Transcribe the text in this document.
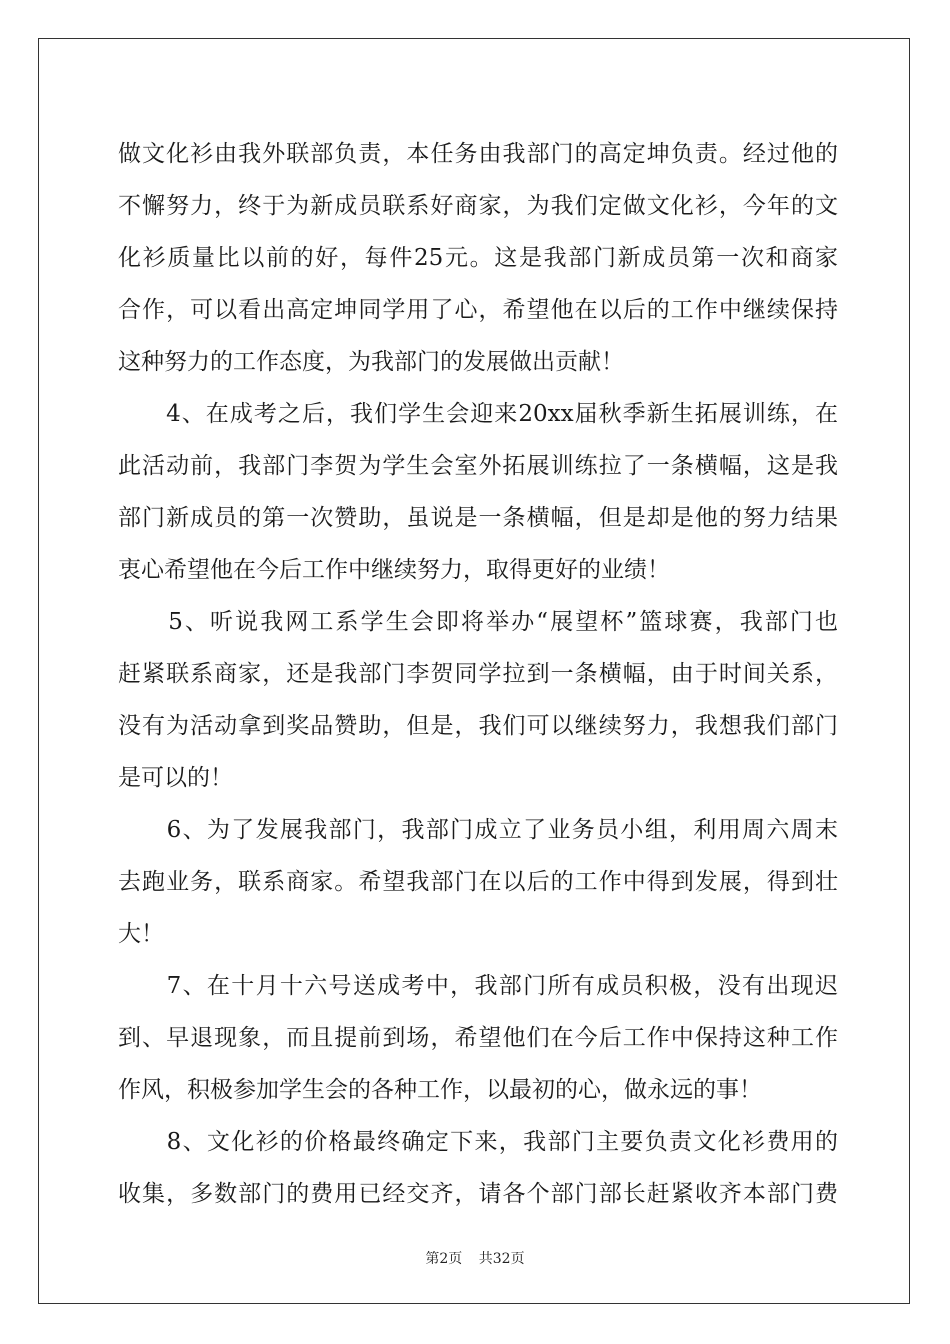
做文化衫由我外联部负责，本任务由我部门的高定坤负责。经过他的
不懈努力，终于为新成员联系好商家，为我们定做文化衫，今年的文
化衫质量比以前的好，每件25元。这是我部门新成员第一次和商家
合作，可以看出高定坤同学用了心，希望他在以后的工作中继续保持
这种努力的工作态度，为我部门的发展做出贡献！
　　4、在成考之后，我们学生会迎来20xx届秋季新生拓展训练，在
此活动前，我部门李贺为学生会室外拓展训练拉了一条横幅，这是我
部门新成员的第一次赞助，虽说是一条横幅，但是却是他的努力结果
衷心希望他在今后工作中继续努力，取得更好的业绩！
　　5、听说我网工系学生会即将举办“展望杯”篮球赛，我部门也
赶紧联系商家，还是我部门李贺同学拉到一条横幅，由于时间关系，
没有为活动拿到奖品赞助，但是，我们可以继续努力，我想我们部门
是可以的！
　　6、为了发展我部门，我部门成立了业务员小组，利用周六周末
去跑业务，联系商家。希望我部门在以后的工作中得到发展，得到壮
大！
　　7、在十月十六号送成考中，我部门所有成员积极，没有出现迟
到、早退现象，而且提前到场，希望他们在今后工作中保持这种工作
作风，积极参加学生会的各种工作，以最初的心，做永远的事！
　　8、文化衫的价格最终确定下来，我部门主要负责文化衫费用的
收集，多数部门的费用已经交齐，请各个部门部长赶紧收齐本部门费
第2页 共32页
